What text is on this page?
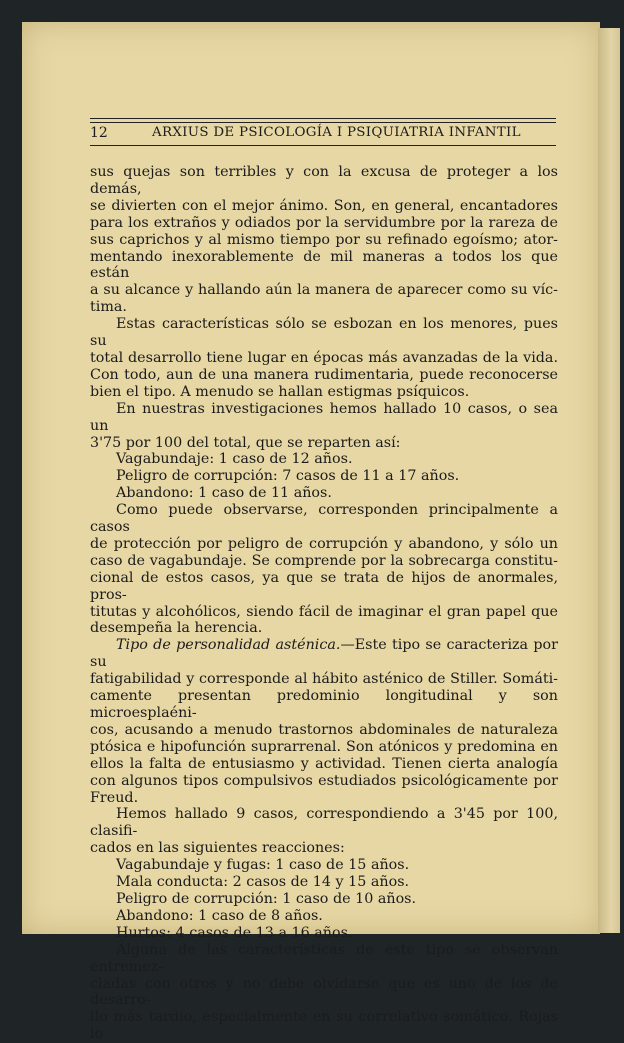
12	ARXIUS DE PSICOLOGÍA I PSIQUIATRIA INFANTIL

sus quejas son terribles y con la excusa de proteger a los demás,

se divierten con el mejor ánimo. Son, en general, encantadores

para los extraños y odiados por la servidumbre por la rareza de

sus caprichos y al mismo tiempo por su refinado egoísmo; ator-

mentando inexorablemente de mil maneras a todos los que están

a su alcance y hallando aún la manera de aparecer como su víc-

tima.

Estas características sólo se esbozan en los menores, pues su

total desarrollo tiene lugar en épocas más avanzadas de la vida.

Con todo, aun de una manera rudimentaria, puede reconocerse

bien el tipo. A menudo se hallan estigmas psíquicos.

En nuestras investigaciones hemos hallado 10 casos, o sea un

3'75 por 100 del total, que se reparten así:

Vagabundaje: 1 caso de 12 años.

Peligro de corrupción: 7 casos de 11 a 17 años.

Abandono: 1 caso de 11 años.

Como puede observarse, corresponden principalmente a casos

de protección por peligro de corrupción y abandono, y sólo un

caso de vagabundaje. Se comprende por la sobrecarga constitu-

cional de estos casos, ya que se trata de hijos de anormales, pros-

titutas y alcohólicos, siendo fácil de imaginar el gran papel que

desempeña la herencia.

Tipo de personalidad asténica.—Este tipo se caracteriza por su

fatigabilidad y corresponde al hábito asténico de Stiller. Somáti-

camente presentan predominio longitudinal y son microesplaéni-

cos, acusando a menudo trastornos abdominales de naturaleza

ptósica e hipofunción suprarrenal. Son atónicos y predomina en

ellos la falta de entusiasmo y actividad. Tienen cierta analogía

con algunos tipos compulsivos estudiados psicológicamente por

Freud.

Hemos hallado 9 casos, correspondiendo a 3'45 por 100, clasifi-

cados en las siguientes reacciones:

Vagabundaje y fugas: 1 caso de 15 años.

Mala conducta: 2 casos de 14 y 15 años.

Peligro de corrupción: 1 caso de 10 años.

Abandono: 1 caso de 8 años.

Hurtos: 4 casos de 13 a 16 años.

Alguna de las características de este tipo se observan entremez-

cladas con otros y no debe olvidarse que es uno de los de desarro-

llo más tardío, especialmente en su correlativo somático. Rojas lo
